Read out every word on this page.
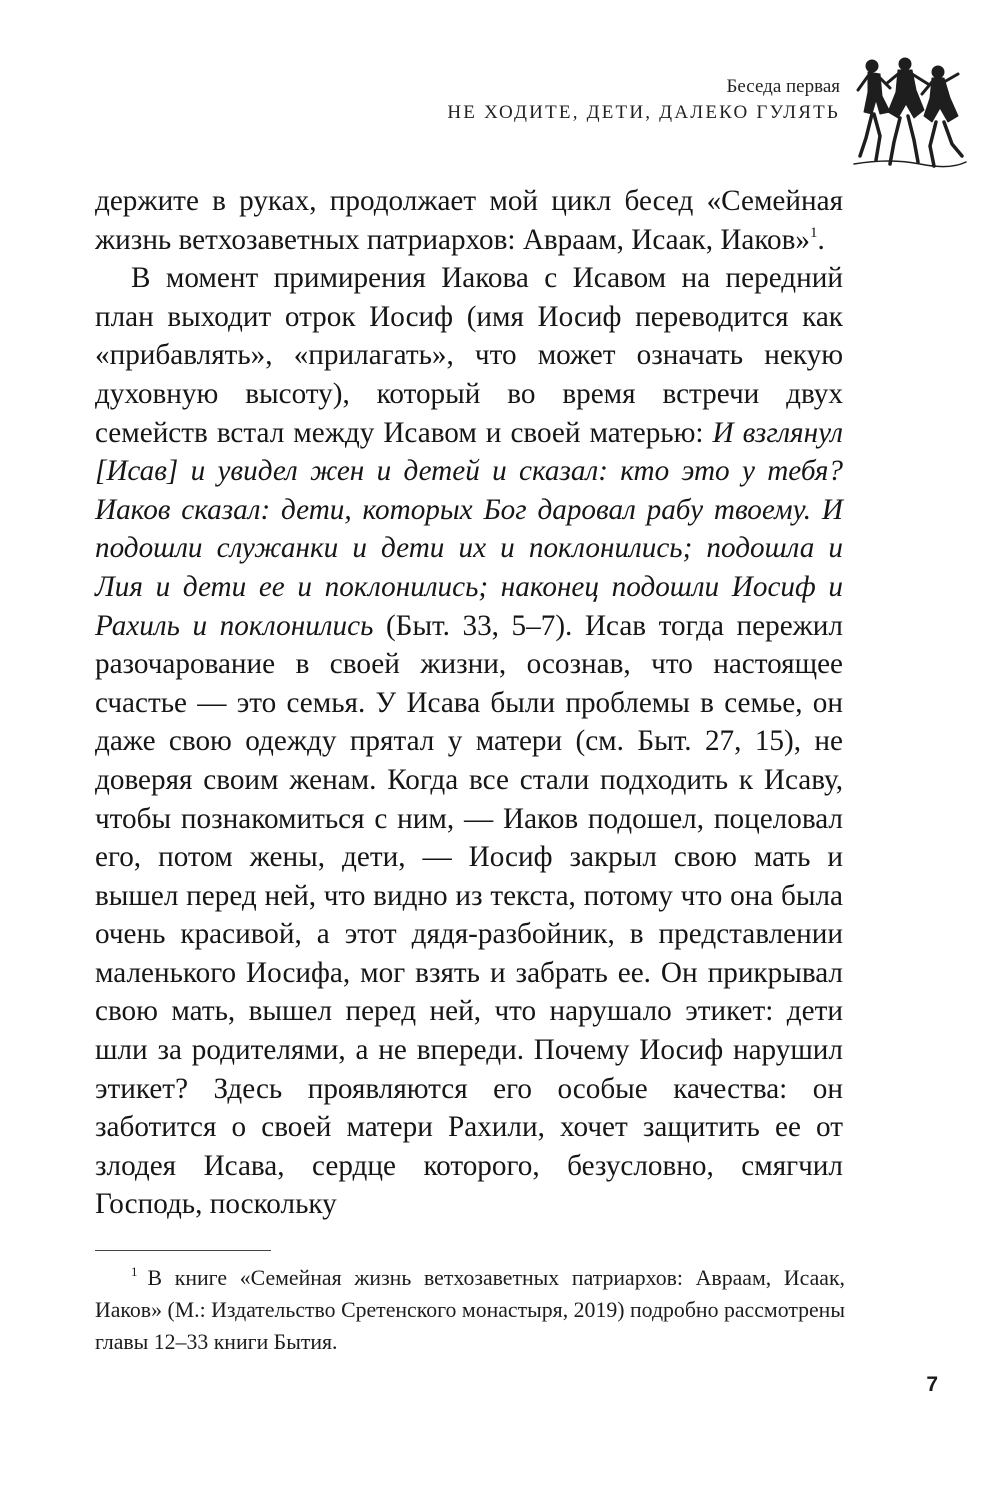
Беседа первая
НЕ ХОДИТЕ, ДЕТИ, ДАЛЕКО ГУЛЯТЬ

держите в руках, продолжает мой цикл бесед «Семейная жизнь ветхозаветных патриархов: Авраам, Исаак, Иаков»$^1$.

В момент примирения Иакова с Исавом на передний план выходит отрок Иосиф (имя Иосиф переводится как «прибавлять», «прилагать», что может означать некую духовную высоту), который во время встречи двух семейств встал между Исавом и своей матерью: И взглянул [Исав] и увидел жен и детей и сказал: кто это у тебя? Иаков сказал: дети, которых Бог даровал рабу твоему. И подошли служанки и дети их и поклонились; подошла и Лия и дети ее и поклонились; наконец подошли Иосиф и Рахиль и поклонились (Быт. 33, 5–7). Исав тогда пережил разочарование в своей жизни, осознав, что настоящее счастье — это семья. У Исава были проблемы в семье, он даже свою одежду прятал у матери (см. Быт. 27, 15), не доверяя своим женам. Когда все стали подходить к Исаву, чтобы познакомиться с ним, — Иаков подошел, поцеловал его, потом жены, дети, — Иосиф закрыл свою мать и вышел перед ней, что видно из текста, потому что она была очень красивой, а этот дядя-разбойник, в представлении маленького Иосифа, мог взять и забрать ее. Он прикрывал свою мать, вышел перед ней, что нарушало этикет: дети шли за родителями, а не впереди. Почему Иосиф нарушил этикет? Здесь проявляются его особые качества: он заботится о своей матери Рахили, хочет защитить ее от злодея Исава, сердце которого, безусловно, смягчил Господь, поскольку

$^1$ В книге «Семейная жизнь ветхозаветных патриархов: Авраам, Исаак, Иаков» (М.: Издательство Сретенского монастыря, 2019) подробно рассмотрены главы 12–33 книги Бытия.

7
